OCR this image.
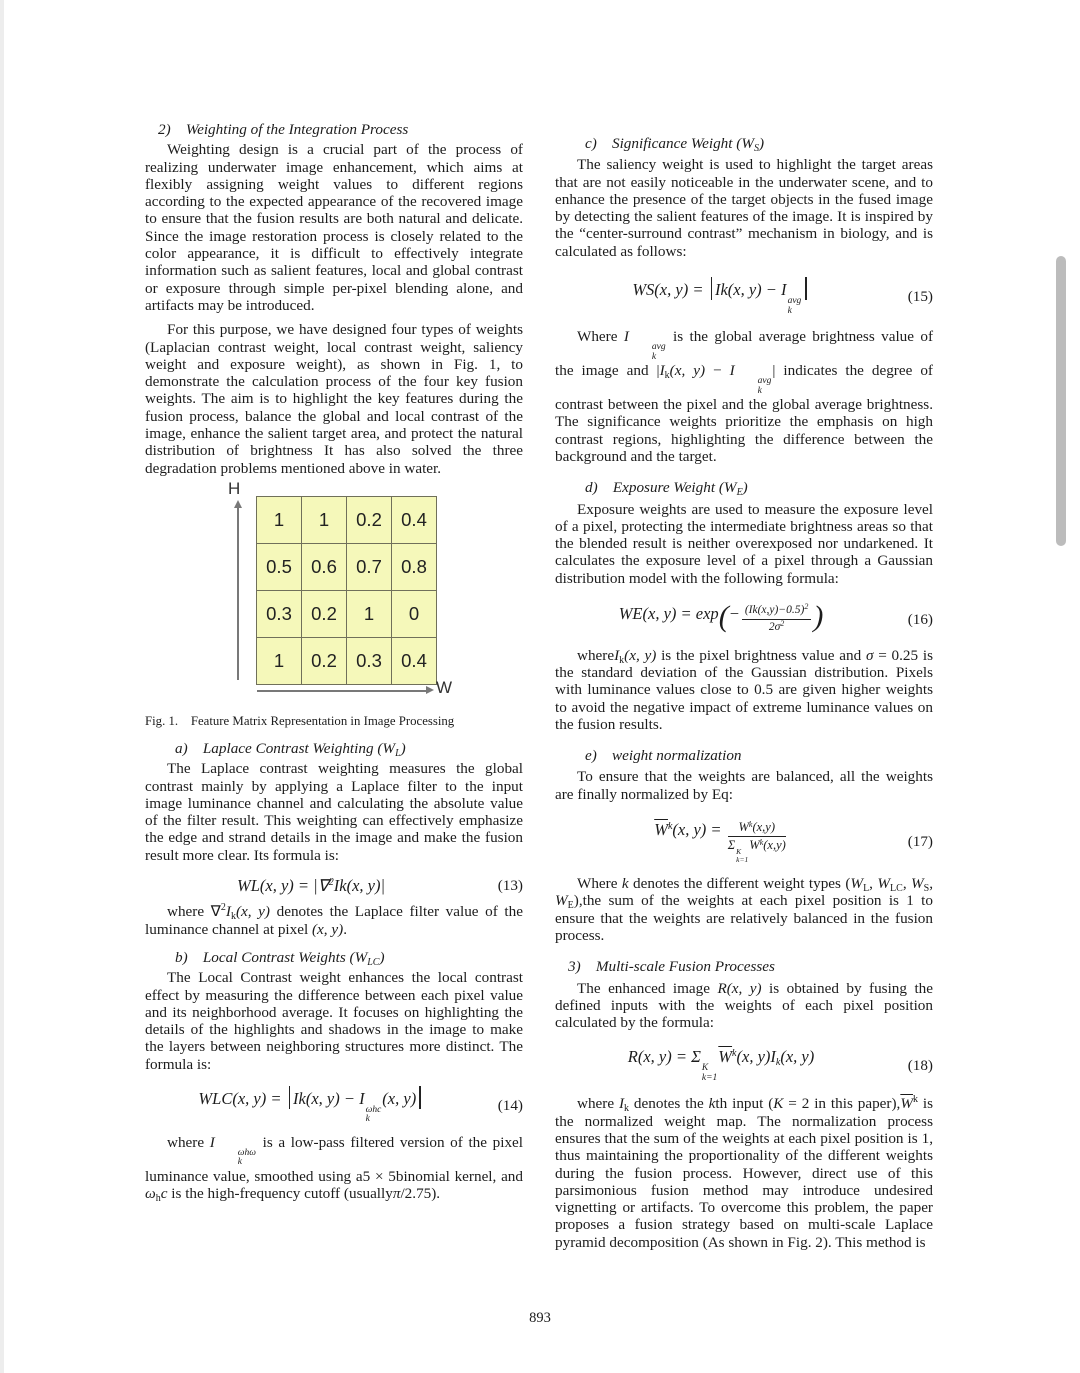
2) Weighting of the Integration Process

Weighting design is a crucial part of the process of realizing underwater image enhancement, which aims at flexibly assigning weight values to different regions according to the expected appearance of the recovered image to ensure that the fusion results are both natural and delicate. Since the image restoration process is closely related to the color appearance, it is difficult to effectively integrate information such as salient features, local and global contrast or exposure through simple per-pixel blending alone, and artifacts may be introduced.

For this purpose, we have designed four types of weights (Laplacian contrast weight, local contrast weight, saliency weight and exposure weight), as shown in Fig. 1, to demonstrate the calculation process of the four key fusion weights. The aim is to highlight the key features during the fusion process, balance the global and local contrast of the image, enhance the salient target area, and protect the natural distribution of brightness It has also solved the three degradation problems mentioned above in water.

H
1	1	0.2	0.4
0.5	0.6	0.7	0.8
0.3	0.2	1	0
1	0.2	0.3	0.4
W

Fig. 1.  Feature Matrix Representation in Image Processing

a) Laplace Contrast Weighting $(W_L)$

The Laplace contrast weighting measures the global contrast mainly by applying a Laplace filter to the input image luminance channel and calculating the absolute value of the filter result. This weighting can effectively emphasize the edge and strand details in the image and make the fusion result more clear. Its formula is:

WL(x, y) = |∇$^2$Ik(x, y)|	(13)

where $\nabla^2I_k(x$, y) denotes the Laplace filter value of the luminance channel at pixel (x, y).

b) Local Contrast Weights $(W_{LC})$

The Local Contrast weight enhances the local contrast effect by measuring the difference between each pixel value and its neighborhood average. It focuses on highlighting the details of the highlights and shadows in the image to make the layers between neighboring structures more distinct. The formula is:

WLC(x, y) = Ik(x, y) − I
ωhc
k
(x, y)	(14)

where I
ωhω
k
is a low-pass filtered version of the pixel luminance value, smoothed using a5 × 5binomial kernel, and $\omega_hc$ is the high-frequency cutoff (usuallyπ/2.75).

c) Significance Weight $(W_S)$

The saliency weight is used to highlight the target areas that are not easily noticeable in the underwater scene, and to enhance the presence of the target objects in the fused image by detecting the salient features of the image. It is inspired by the “center-surround contrast” mechanism in biology, and is calculated as follows:

WS(x, y) = Ik(x, y) − I
avg
k
(15)

Where I
avg
k
is the global average brightness value of the image and $|I_k(x$, y) − I
avg
k
| indicates the degree of contrast between the pixel and the global average brightness. The significance weights prioritize the emphasis on high contrast regions, highlighting the difference between the background and the target.

d) Exposure Weight $(W_E)$

Exposure weights are used to measure the exposure level of a pixel, protecting the intermediate brightness areas so that the blended result is neither overexposed nor undarkened. It calculates the exposure level of a pixel through a Gaussian distribution model with the following formula:

WE(x, $y) = \exp(- \frac{(Ik(x,y)-0.5)^2}{2\sigma^2}$ )	(16)

whereI$_k$(x, y) is the pixel brightness value and σ = 0.25 is the standard deviation of the Gaussian distribution. Pixels with luminance values close to 0.5 are given higher weights to avoid the negative impact of extreme luminance values on the fusion results.

e) weight normalization

To ensure that the weights are balanced, all the weights are finally normalized by Eq:

$\overline{W}^k(x$, $y) = W^k(x,y)$
Σ K
k=1
$W^k(x,y)$	(17)

Where k denotes the different weight types ($W_L$, $W_{LC}$, $W_S$, $W_E),the$ sum of the weights at each pixel position is 1 to ensure that the weights are relatively balanced in the fusion process.

3) Multi-scale Fusion Processes

The enhanced image R(x, y) is obtained by fusing the defined inputs with the weights of each pixel position calculated by the formula:

R(x, y) = Σ
K
k=1
$\overline{W}^k(x$, $y)I_k(x$, y)	(18)

where $I_k$ denotes the kth input (K = 2 in this $paper),\overline{W}^k$ is the normalized weight map. The normalization process ensures that the sum of the weights at each pixel position is 1, thus maintaining the proportionality of the different weights during the fusion process. However, direct use of this parsimonious fusion method may introduce undesired vignetting or artifacts. To overcome this problem, the paper proposes a fusion strategy based on multi-scale Laplace pyramid decomposition (As shown in Fig. 2). This method is

893
